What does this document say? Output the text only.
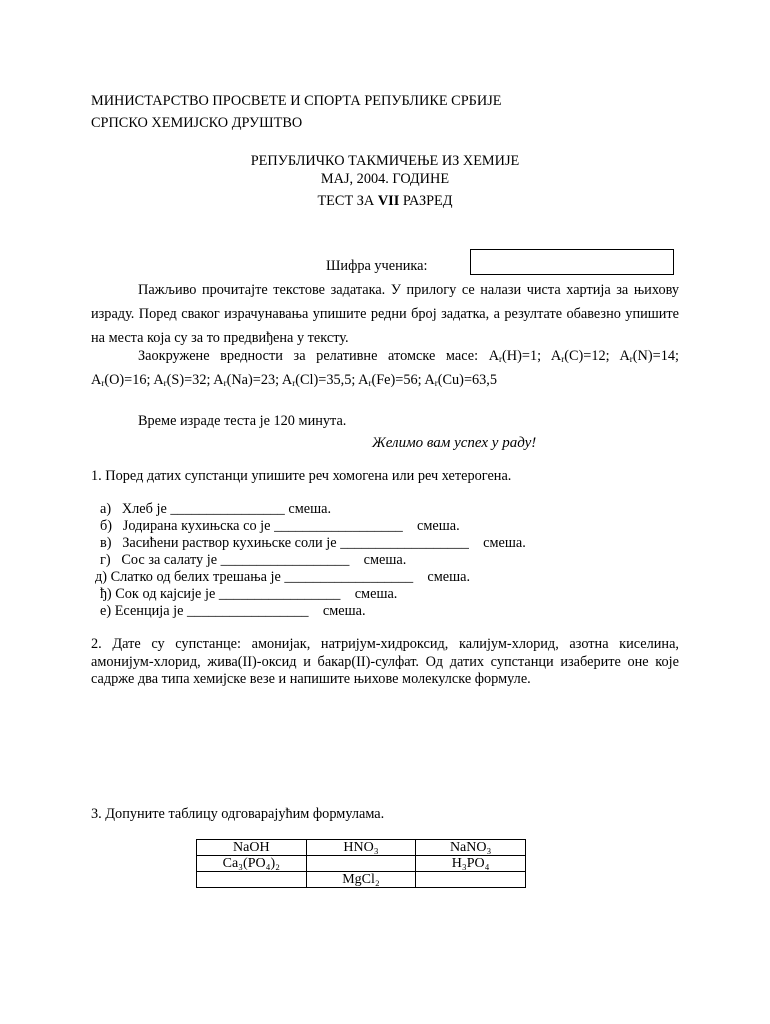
МИНИСТАРСТВО ПРОСВЕТЕ И СПОРТА РЕПУБЛИКЕ СРБИЈЕ
СРПСКО ХЕМИЈСКО ДРУШТВО
РЕПУБЛИЧКО ТАКМИЧЕЊЕ ИЗ ХЕМИЈЕ
МАЈ, 2004. ГОДИНЕ
ТЕСТ ЗА VII РАЗРЕД
Шифра ученика:
Пажљиво прочитајте текстове задатака. У прилогу се налази чиста хартија за њихову израду. Поред сваког израчунавања упишите редни број задатка, а резултате обавезно упишите на места која су за то предвиђена у тексту.
Заокружене вредности за релативне атомске масе: $A_r(H)=1$; $A_r(C)=12$; $A_r(N)=14$; $A_r(O)=16$; $A_r(S)=32$; $A_r(Na)=23$; $A_r(Cl)=35,5$; $A_r(Fe)=56$; $A_r(Cu)=63,5$
Време израде теста је 120 минута.
Желимо вам успех у раду!
1. Поред датих супстанци упишите реч хомогена или реч хетерогена.
а) Хлеб је ________________ смеша.
б) Јодирана кухињска со је __________________ смеша.
в) Засићени раствор кухињске соли је __________________ смеша.
г) Сос за салату је __________________ смеша.
д) Слатко од белих трешања је __________________ смеша.
ђ) Сок од кајсије је _________________ смеша.
е) Есенција је _________________ смеша.
2. Дате су супстанце: амонијак, натријум-хидроксид, калијум-хлорид, азотна киселина, амонијум-хлорид, жива(II)-оксид и бакар(II)-сулфат. Од датих супстанци изаберите оне које садрже два типа хемијске везе и напишите њихове молекулске формуле.
3. Допуните таблицу одговарајућим формулама.
NaOH	HNO₃	NaNO₃
Ca₃(PO₄)₂		H₃PO₄
	MgCl₂	
